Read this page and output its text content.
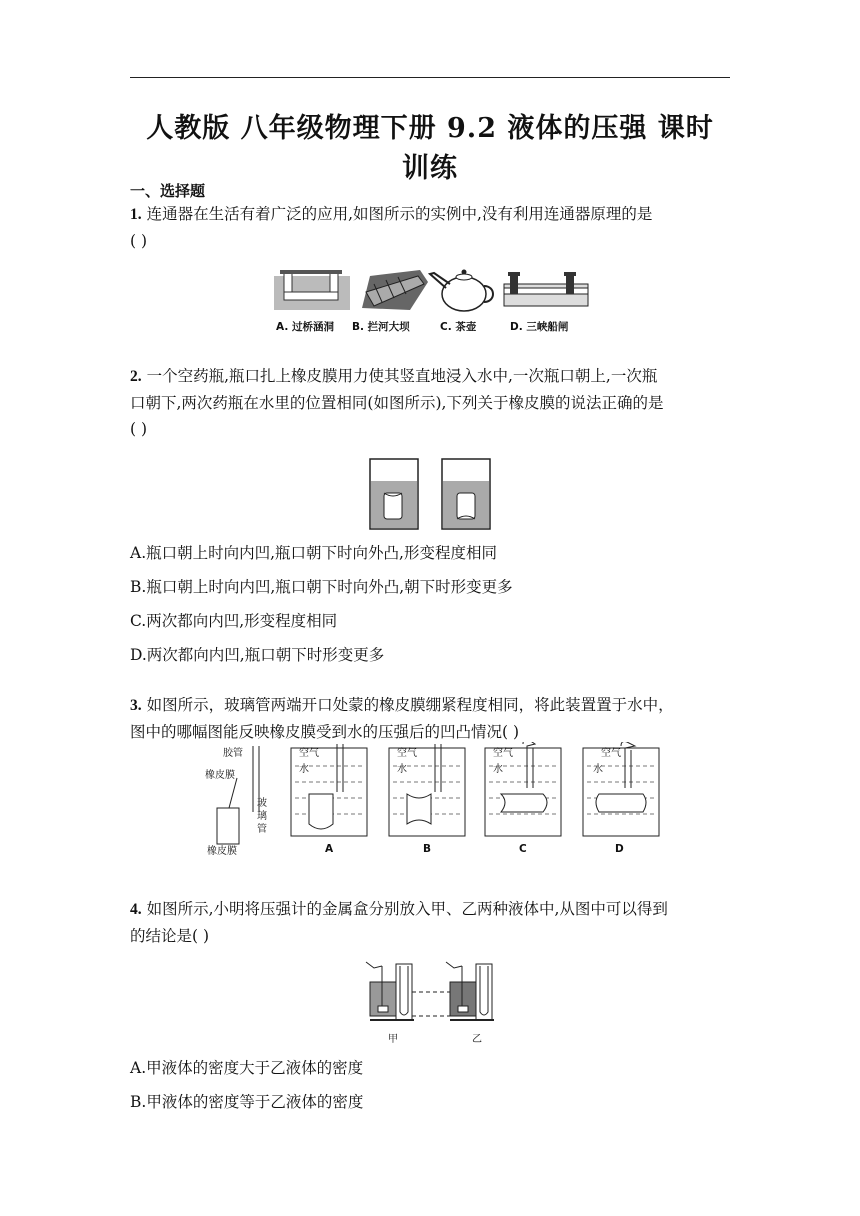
人教版 八年级物理下册 9.2 液体的压强 课时
训练
一、选择题
1. 连通器在生活有着广泛的应用,如图所示的实例中,没有利用连通器原理的是
( )
A. 过桥涵洞 B. 拦河大坝	C. 茶壶	D. 三峡船闸
2. 一个空药瓶,瓶口扎上橡皮膜用力使其竖直地浸入水中,一次瓶口朝上,一次瓶
口朝下,两次药瓶在水里的位置相同(如图所示),下列关于橡皮膜的说法正确的是
( )
A.瓶口朝上时向内凹,瓶口朝下时向外凸,形变程度相同
B.瓶口朝上时向内凹,瓶口朝下时向外凸,朝下时形变更多
C.两次都向内凹,形变程度相同
D.两次都向内凹,瓶口朝下时形变更多
3. 如图所示，玻璃管两端开口处蒙的橡皮膜绷紧程度相同，将此装置置于水中，
图中的哪幅图能反映橡皮膜受到水的压强后的凹凸情况( )
胶管
橡皮膜
玻
璃
管
橡皮膜
空气
水
A
空气
水
B
空气
水
C
空气
水
D
4. 如图所示,小明将压强计的金属盒分别放入甲、乙两种液体中,从图中可以得到
的结论是( )
甲	乙
A.甲液体的密度大于乙液体的密度
B.甲液体的密度等于乙液体的密度
